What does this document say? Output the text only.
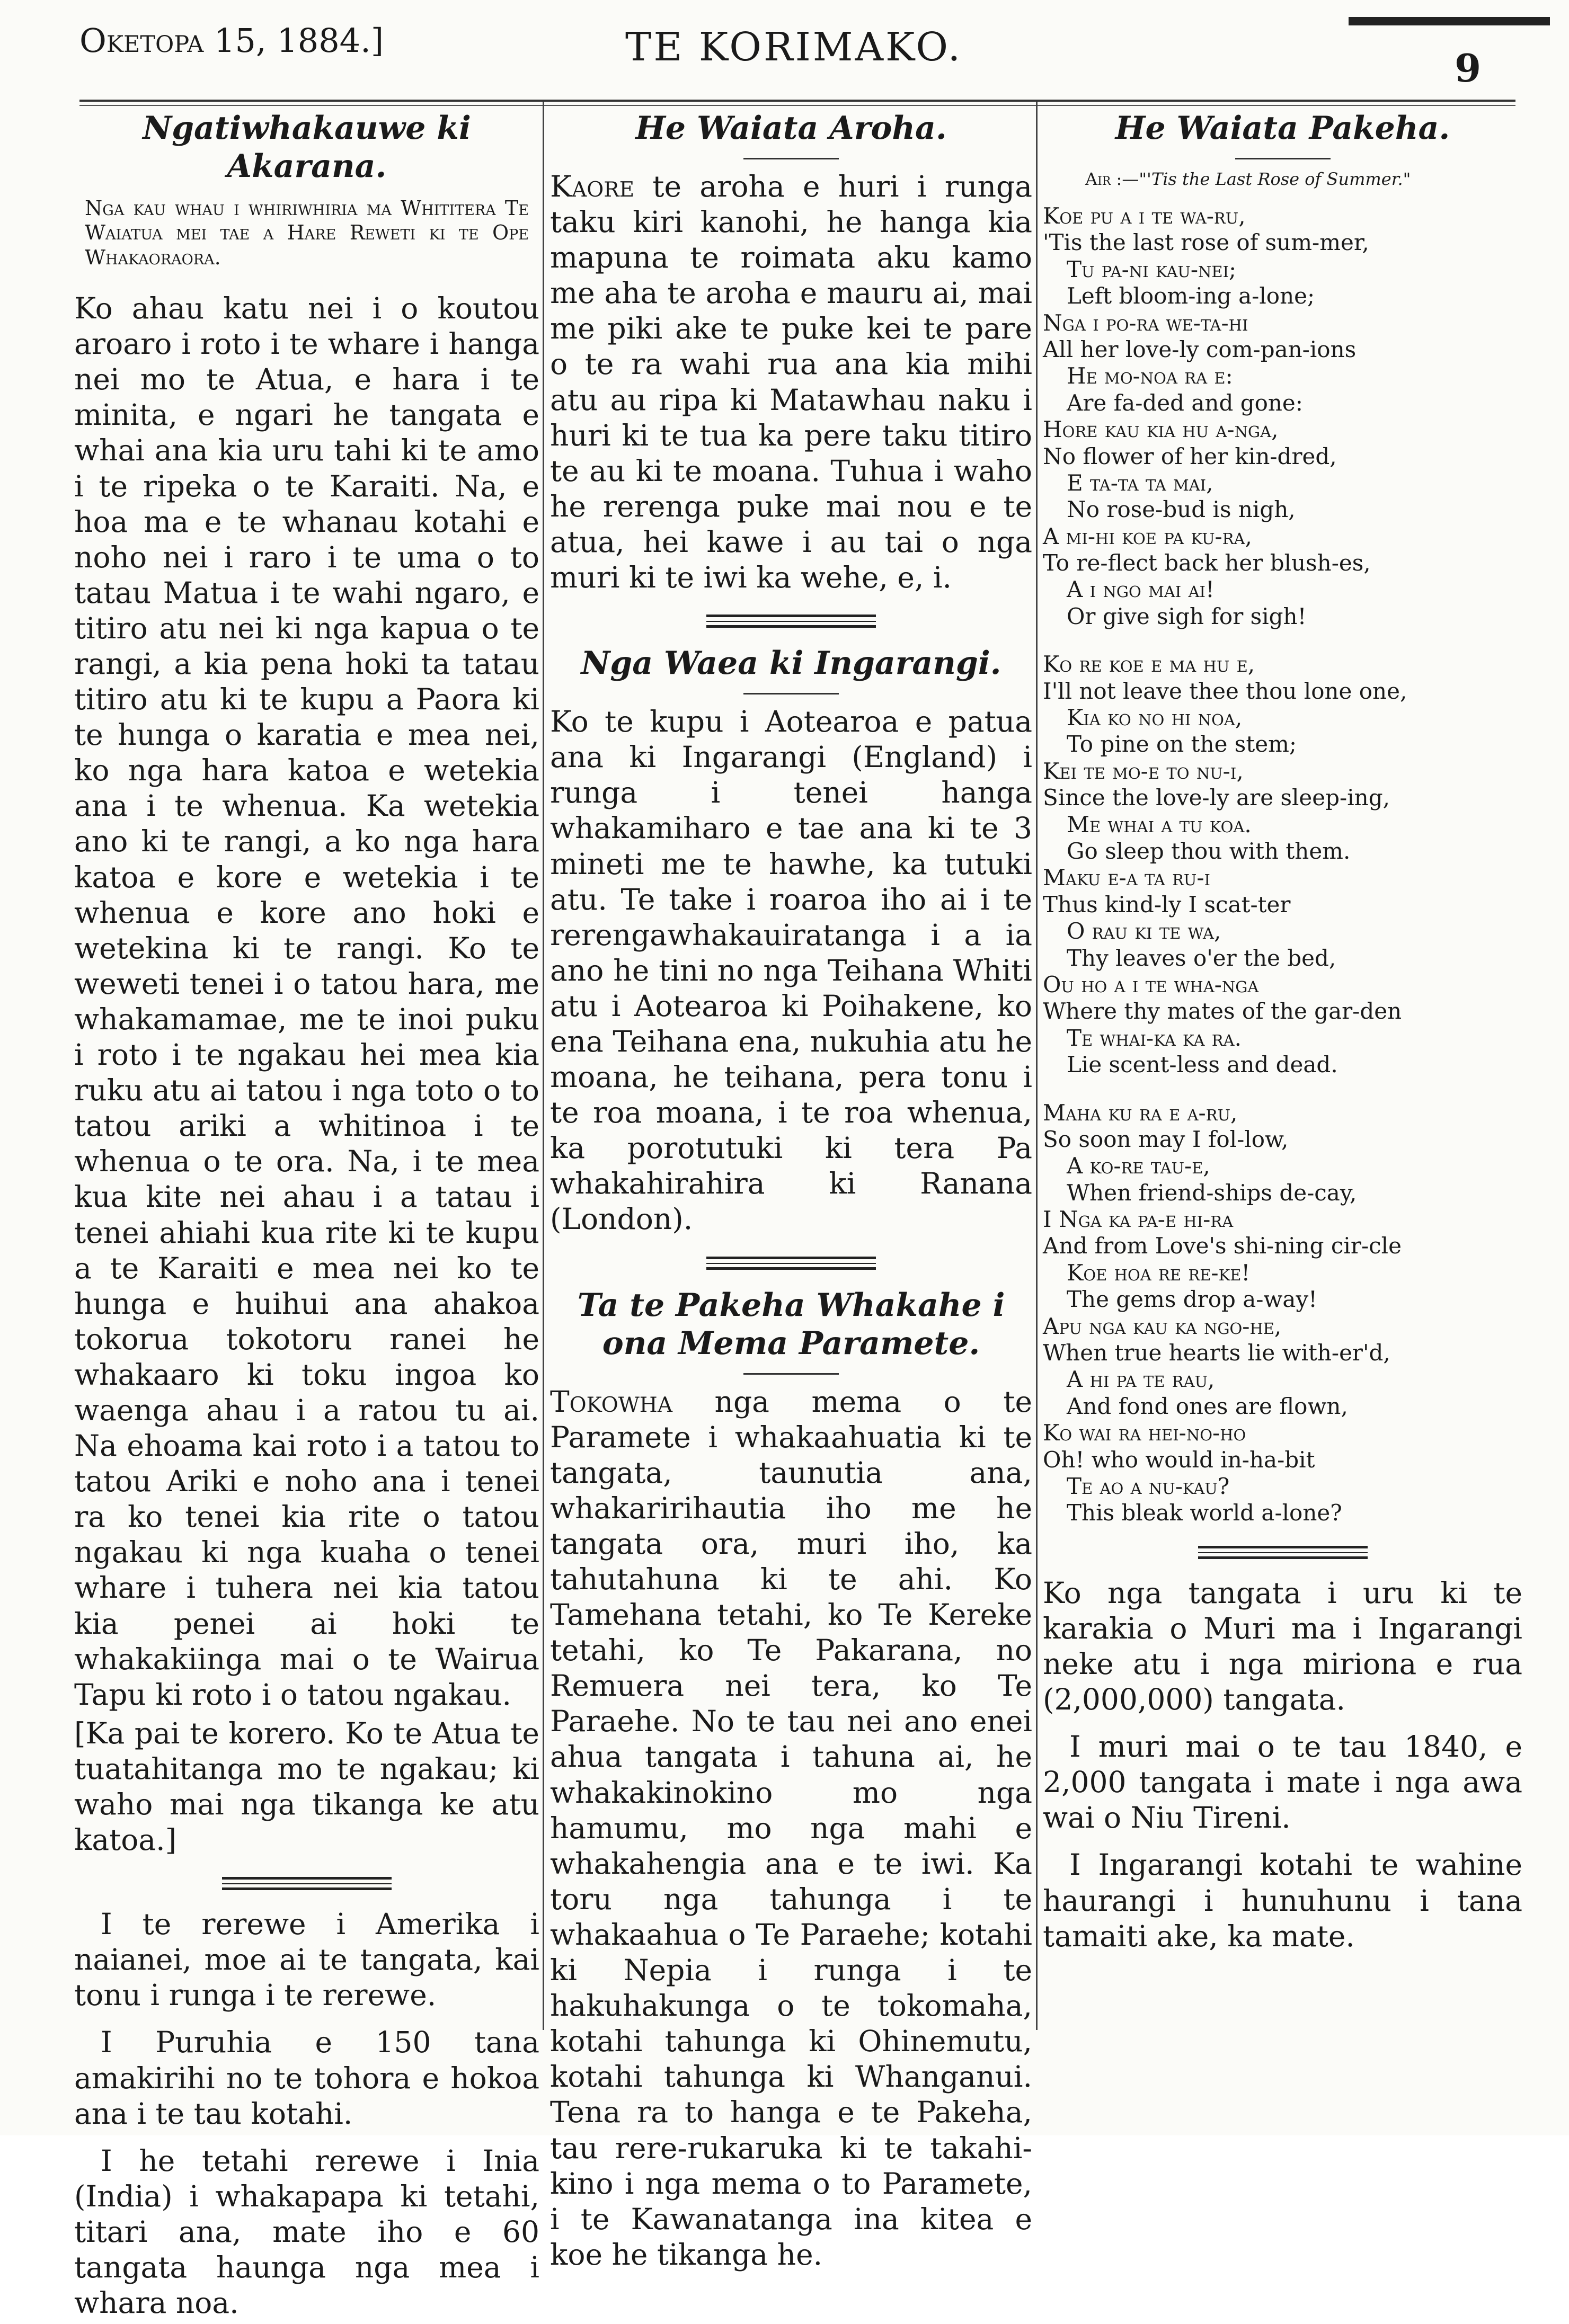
Oketopa 15, 1884.]	TE KORIMAKO.	9
Ngatiwhakauwe ki Akarana.
Nga kau whau i whiriwhiria ma Whititera Te Waiatua mei tae a Hare Reweti ki te Ope Whakaoraora.

Ko ahau katu nei i o koutou aroaro i roto i te whare i hanga nei mo te Atua, e hara i te minita, e ngari he tangata e whai ana kia uru tahi ki te amo i te ripeka o te Karaiti. Na, e hoa ma e te whanau kotahi e noho nei i raro i te uma o to tatau Matua i te wahi ngaro, e titiro atu nei ki nga kapua o te rangi, a kia pena hoki ta tatau titiro atu ki te kupu a Paora ki te hunga o karatia e mea nei, ko nga hara katoa e wetekia ana i te whenua. Ka wetekia ano ki te rangi, a ko nga hara katoa e kore e wetekia i te whenua e kore ano hoki e wetekina ki te rangi. Ko te weweti tenei i o tatou hara, me whakamamae, me te inoi puku i roto i te ngakau hei mea kia ruku atu ai tatou i nga toto o to tatou ariki a whitinoa i te whenua o te ora. Na, i te mea kua kite nei ahau i a tatau i tenei ahiahi kua rite ki te kupu a te Karaiti e mea nei ko te hunga e huihui ana ahakoa tokorua tokotoru ranei he whakaaro ki toku ingoa ko waenga ahau i a ratou tu ai. Na ehoama kai roto i a tatou to tatou Ariki e noho ana i tenei ra ko tenei kia rite o tatou ngakau ki nga kuaha o tenei whare i tuhera nei kia tatou kia penei ai hoki te whakakiinga mai o te Wairua Tapu ki roto i o tatou ngakau.

[Ka pai te korero. Ko te Atua te tuatahitanga mo te ngakau; ki waho mai nga tikanga ke atu katoa.]

I te rerewe i Amerika i naianei, moe ai te tangata, kai tonu i runga i te rerewe.

I Puruhia e 150 tana amakirihi no te tohora e hokoa ana i te tau kotahi.

I he tetahi rerewe i Inia (India) i whakapapa ki tetahi, titari ana, mate iho e 60 tangata haunga nga mea i whara noa.

He Waiata Aroha.

Kaore te aroha e huri i runga taku kiri kanohi, he hanga kia mapuna te roimata aku kamo me aha te aroha e mauru ai, mai me piki ake te puke kei te pare o te ra wahi rua ana kia mihi atu au ripa ki Matawhau naku i huri ki te tua ka pere taku titiro te au ki te moana. Tuhua i waho he rerenga puke mai nou e te atua, hei kawe i au tai o nga muri ki te iwi ka wehe, e, i.

Nga Waea ki Ingarangi.

Ko te kupu i Aotearoa e patua ana ki Ingarangi (England) i runga i tenei hanga whakamiharo e tae ana ki te 3 mineti me te hawhe, ka tutuki atu. Te take i roaroa iho ai i te rerengawhakauiratanga i a ia ano he tini no nga Teihana Whiti atu i Aotearoa ki Poihakene, ko ena Teihana ena, nukuhia atu he moana, he teihana, pera tonu i te roa moana, i te roa whenua, ka porotutuki ki tera Pa whakahirahira ki Ranana (London).

Ta te Pakeha Whakahe i ona Mema Paramete.

Tokowha nga mema o te Paramete i whakaahuatia ki te tangata, taunutia ana, whakaririhautia iho me he tangata ora, muri iho, ka tahutahuna ki te ahi. Ko Tamehana tetahi, ko Te Kereke tetahi, ko Te Pakarana, no Remuera nei tera, ko Te Paraehe. No te tau nei ano enei ahua tangata i tahuna ai, he whakakinokino mo nga hamumu, mo nga mahi e whakahengia ana e te iwi. Ka toru nga tahunga i te whakaahua o Te Paraehe; kotahi ki Nepia i runga i te hakuhakunga o te tokomaha, kotahi tahunga ki Ohinemutu, kotahi tahunga ki Whanganui. Tena ra to hanga e te Pakeha, tau rere-rukaruka ki te takahi-kino i nga mema o to Paramete, i te Kawanatanga ina kitea e koe he tikanga he.

He Waiata Pakeha.
Air :—"'Tis the Last Rose of Summer."
Koe pu a i te wa-ru,
'Tis the last rose of sum-mer,
Tu pa-ni kau-nei;
Left bloom-ing a-lone;
Nga i po-ra we-ta-hi
All her love-ly com-pan-ions
He mo-noa ra e:
Are fa-ded and gone:
Hore kau kia hu a-nga,
No flower of her kin-dred,
E ta-ta ta mai,
No rose-bud is nigh,
A mi-hi koe pa ku-ra,
To re-flect back her blush-es,
A i ngo mai ai!
Or give sigh for sigh!
Ko re koe e ma hu e,
I'll not leave thee thou lone one,
Kia ko no hi noa,
To pine on the stem;
Kei te mo-e to nu-i,
Since the love-ly are sleep-ing,
Me whai a tu koa.
Go sleep thou with them.
Maku e-a ta ru-i
Thus kind-ly I scat-ter
O rau ki te wa,
Thy leaves o'er the bed,
Ou ho a i te wha-nga
Where thy mates of the gar-den
Te whai-ka ka ra.
Lie scent-less and dead.
Maha ku ra e a-ru,
So soon may I fol-low,
A ko-re tau-e,
When friend-ships de-cay,
I Nga ka pa-e hi-ra
And from Love's shi-ning cir-cle
Koe hoa re re-ke!
The gems drop a-way!
Apu nga kau ka ngo-he,
When true hearts lie with-er'd,
A hi pa te rau,
And fond ones are flown,
Ko wai ra hei-no-ho
Oh! who would in-ha-bit
Te ao a nu-kau?
This bleak world a-lone?

Ko nga tangata i uru ki te karakia o Muri ma i Ingarangi neke atu i nga miriona e rua (2,000,000) tangata.

I muri mai o te tau 1840, e 2,000 tangata i mate i nga awa wai o Niu Tireni.

I Ingarangi kotahi te wahine haurangi i hunuhunu i tana tamaiti ake, ka mate.
